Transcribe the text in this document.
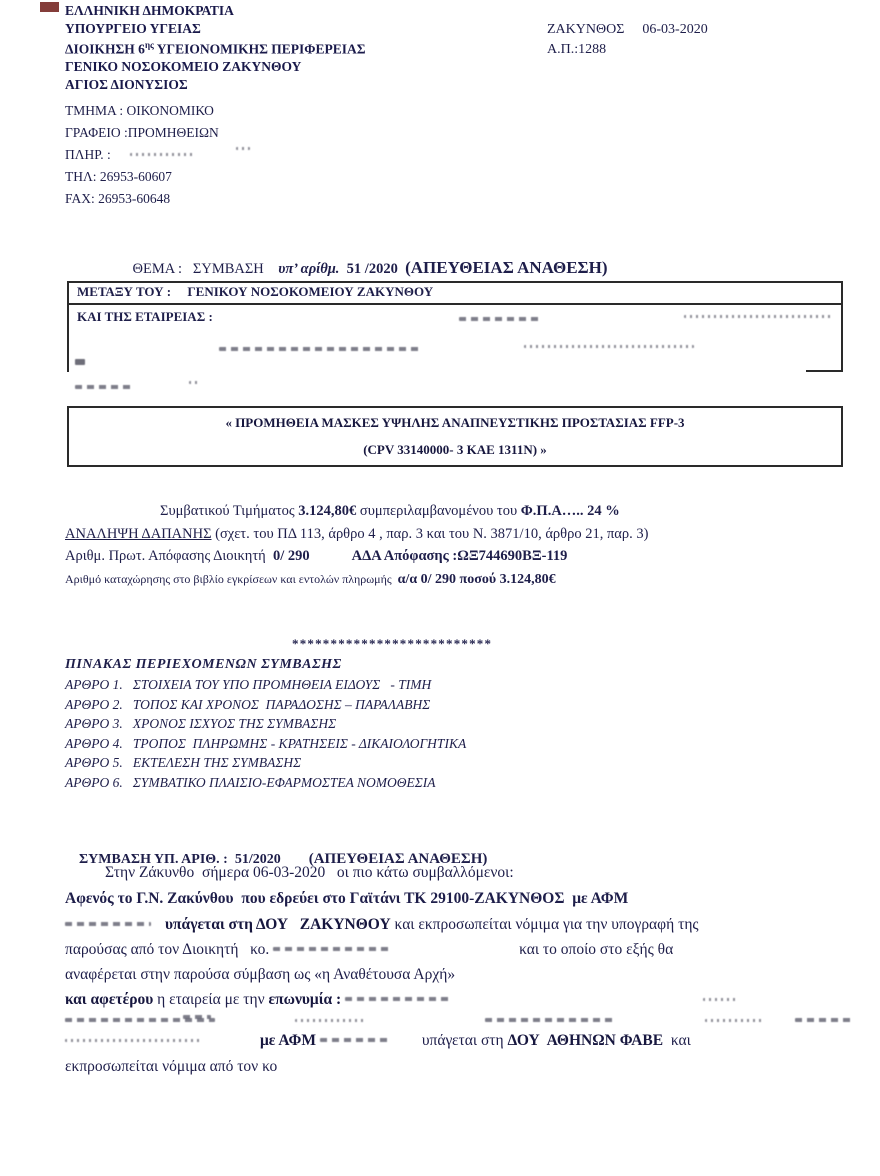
ΕΛΛΗΝΙΚΗ ΔΗΜΟΚΡΑΤΙΑ
ΥΠΟΥΡΓΕΙΟ ΥΓΕΙΑΣ
ΔΙΟΙΚΗΣΗ $6^{\eta\varsigma}$ ΥΓΕΙΟΝΟΜΙΚΗΣ ΠΕΡΙΦΕΡΕΙΑΣ
ΓΕΝΙΚΟ ΝΟΣΟΚΟΜΕΙΟ ΖΑΚΥΝΘΟΥ
ΑΓΙΟΣ ΔΙΟΝΥΣΙΟΣ
ΤΜΗΜΑ : ΟΙΚΟΝΟΜΙΚΟ
ΓΡΑΦΕΙΟ :ΠΡΟΜΗΘΕΙΩΝ
ΠΛΗΡ. :
ΤΗΛ: 26953-60607
FAX: 26953-60648
ΖΑΚΥΝΘΟΣ 06-03-2020
Α.Π.:1288

ΘΕΜΑ :   ΣΥΜΒΑΣΗ    υπ’ αρίθμ.  51 /2020  (ΑΠΕΥΘΕΙΑΣ ΑΝΑΘΕΣΗ)

ΜΕΤΑΞΥ ΤΟΥ :     ΓΕΝΙΚΟΥ ΝΟΣΟΚΟΜΕΙΟΥ ΖΑΚΥΝΘΟΥ
ΚΑΙ ΤΗΣ ΕΤΑΙΡΕΙΑΣ :
« ΠΡΟΜΗΘΕΙΑ ΜΑΣΚΕΣ ΥΨΗΛΗΣ ΑΝΑΠΝΕΥΣΤΙΚΗΣ ΠΡΟΣΤΑΣΙΑΣ FFP-3
(CPV 33140000- 3 ΚΑΕ 1311Ν) »
Συμβατικού Τιμήματος 3.124,80€ συμπεριλαμβανομένου του Φ.Π.Α….. 24 %
ΑΝΑΛΗΨΗ ΔΑΠΑΝΗΣ (σχετ. του ΠΔ 113, άρθρο 4 , παρ. 3 και του Ν. 3871/10, άρθρο 21, παρ. 3)
Αριθμ. Πρωτ. Απόφασης Διοικητή  0/ 290	ΑΔΑ Απόφασης :ΩΞ744690ΒΞ-119
Αριθμό καταχώρησης στο βιβλίο εγκρίσεων και εντολών πληρωμής  α/α 0/ 290 ποσού 3.124,80€
**************************
ΠΙΝΑΚΑΣ ΠΕΡΙΕΧΟΜΕΝΩΝ ΣΥΜΒΑΣΗΣ
ΑΡΘΡΟ 1.   ΣΤΟΙΧΕΙΑ ΤΟΥ ΥΠΟ ΠΡΟΜΗΘΕΙΑ ΕΙΔΟΥΣ   - ΤΙΜΗ
ΑΡΘΡΟ 2.   ΤΟΠΟΣ ΚΑΙ ΧΡΟΝΟΣ  ΠΑΡΑΔΟΣΗΣ – ΠΑΡΑΛΑΒΗΣ
ΑΡΘΡΟ 3.   ΧΡΟΝΟΣ ΙΣΧΥΟΣ ΤΗΣ ΣΥΜΒΑΣΗΣ
ΑΡΘΡΟ 4.   ΤΡΟΠΟΣ  ΠΛΗΡΩΜΗΣ - ΚΡΑΤΗΣΕΙΣ - ΔΙΚΑΙΟΛΟΓΗΤΙΚΑ
ΑΡΘΡΟ 5.   ΕΚΤΕΛΕΣΗ ΤΗΣ ΣΥΜΒΑΣΗΣ
ΑΡΘΡΟ 6.   ΣΥΜΒΑΤΙΚΟ ΠΛΑΙΣΙΟ-ΕΦΑΡΜΟΣΤΕΑ ΝΟΜΟΘΕΣΙΑ

ΣΥΜΒΑΣΗ ΥΠ. ΑΡΙΘ. :  51/2020 (ΑΠΕΥΘΕΙΑΣ ΑΝΑΘΕΣΗ)

Στην Ζάκυνθο  σήμερα 06-03-2020   οι πιο κάτω συμβαλλόμενοι:
Αφενός το Γ.Ν. Ζακύνθου  που εδρεύει στο Γαϊτάνι ΤΚ 29100-ΖΑΚΥΝΘΟΣ  με ΑΦΜ
υπάγεται στη ΔΟΥ   ΖΑΚΥΝΘΟΥ και εκπροσωπείται νόμιμα για την υπογραφή της
παρούσας από τον Διοικητή   κο.	και το οποίο στο εξής θα
αναφέρεται στην παρούσα σύμβαση ως «η Αναθέτουσα Αρχή»
και αφετέρου η εταιρεία με την επωνυμία :
με ΑΦΜ	υπάγεται στη ΔΟΥ  ΑΘΗΝΩΝ ΦΑΒΕ  και
εκπροσωπείται νόμιμα από τον κο
